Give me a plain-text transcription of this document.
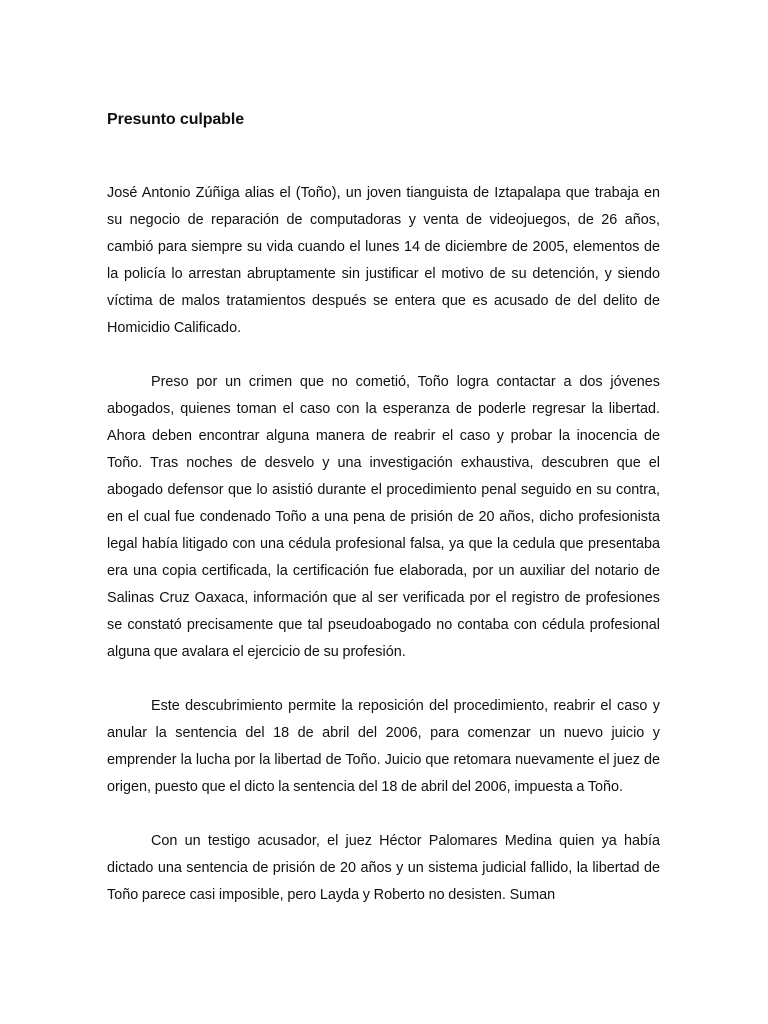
Presunto culpable

José Antonio Zúñiga alias el (Toño), un joven tianguista de Iztapalapa que trabaja en su negocio de reparación de computadoras y venta de videojuegos, de 26 años, cambió para siempre su vida cuando el lunes 14 de diciembre de 2005, elementos de la policía lo arrestan abruptamente sin justificar el motivo de su detención, y siendo víctima de malos tratamientos después se entera que es acusado de del delito de Homicidio Calificado.

Preso por un crimen que no cometió, Toño logra contactar a dos jóvenes abogados, quienes toman el caso con la esperanza de poderle regresar la libertad. Ahora deben encontrar alguna manera de reabrir el caso y probar la inocencia de Toño. Tras noches de desvelo y una investigación exhaustiva, descubren que el abogado defensor que lo asistió durante el procedimiento penal seguido en su contra, en el cual fue condenado Toño a una pena de prisión de 20 años, dicho profesionista legal había litigado con una cédula profesional falsa, ya que la cedula que presentaba era una copia certificada, la certificación fue elaborada, por un auxiliar del notario de Salinas Cruz Oaxaca, información que al ser verificada por el registro de profesiones se constató precisamente que tal pseudoabogado no contaba con cédula profesional alguna que avalara el ejercicio de su profesión.

Este descubrimiento permite la reposición del procedimiento, reabrir el caso y anular la sentencia del 18 de abril del 2006, para comenzar un nuevo juicio y emprender la lucha por la libertad de Toño. Juicio que retomara nuevamente el juez de origen, puesto que el dicto la sentencia del 18 de abril del 2006, impuesta a Toño.

Con un testigo acusador, el juez Héctor Palomares Medina quien ya había dictado una sentencia de prisión de 20 años y un sistema judicial fallido, la libertad de Toño parece casi imposible, pero Layda y Roberto no desisten. Suman
